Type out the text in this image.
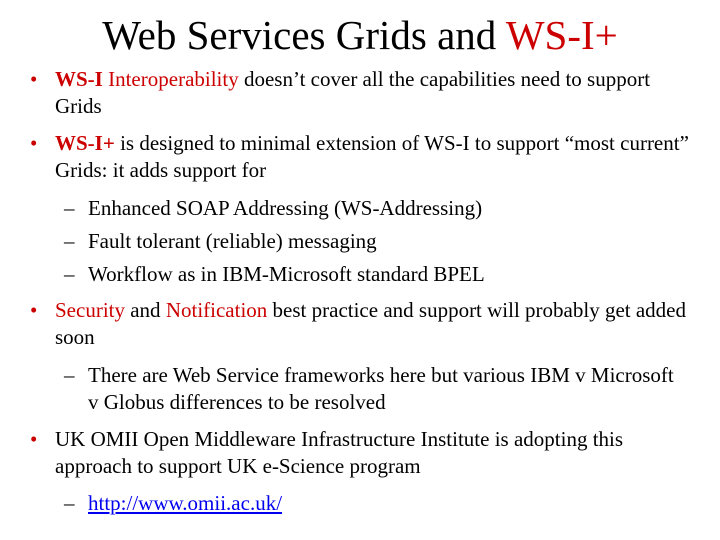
Web Services Grids and WS-I+
• WS-I Interoperability doesn’t cover all the capabilities need to support Grids
• WS-I+ is designed to minimal extension of WS-I to support “most current” Grids: it adds support for
– Enhanced SOAP Addressing (WS-Addressing)
– Fault tolerant (reliable) messaging
– Workflow as in IBM-Microsoft standard BPEL
• Security and Notification best practice and support will probably get added soon
– There are Web Service frameworks here but various IBM v Microsoft v Globus differences to be resolved
• UK OMII Open Middleware Infrastructure Institute is adopting this approach to support UK e-Science program
– http://www.omii.ac.uk/
